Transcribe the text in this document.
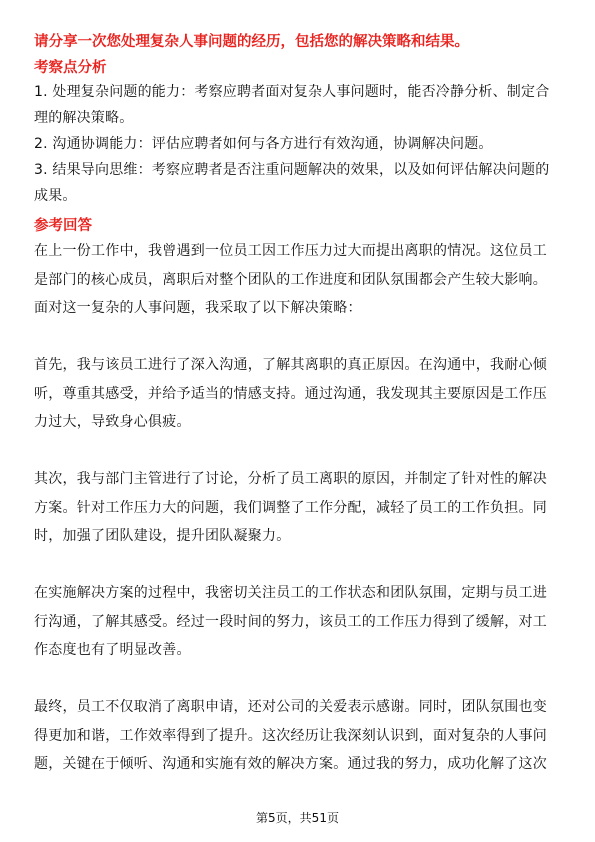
请分享一次您处理复杂人事问题的经历，包括您的解决策略和结果。

考察点分析

1. 处理复杂问题的能力：考察应聘者面对复杂人事问题时，能否冷静分析、制定合理的解决策略。

2. 沟通协调能力：评估应聘者如何与各方进行有效沟通，协调解决问题。

3. 结果导向思维：考察应聘者是否注重问题解决的效果，以及如何评估解决问题的成果。

参考回答

在上一份工作中，我曾遇到一位员工因工作压力过大而提出离职的情况。这位员工是部门的核心成员，离职后对整个团队的工作进度和团队氛围都会产生较大影响。面对这一复杂的人事问题，我采取了以下解决策略：

首先，我与该员工进行了深入沟通，了解其离职的真正原因。在沟通中，我耐心倾听，尊重其感受，并给予适当的情感支持。通过沟通，我发现其主要原因是工作压力过大，导致身心俱疲。

其次，我与部门主管进行了讨论，分析了员工离职的原因，并制定了针对性的解决方案。针对工作压力大的问题，我们调整了工作分配，减轻了员工的工作负担。同时，加强了团队建设，提升团队凝聚力。

在实施解决方案的过程中，我密切关注员工的工作状态和团队氛围，定期与员工进行沟通，了解其感受。经过一段时间的努力，该员工的工作压力得到了缓解，对工作态度也有了明显改善。

最终，员工不仅取消了离职申请，还对公司的关爱表示感谢。同时，团队氛围也变得更加和谐，工作效率得到了提升。这次经历让我深刻认识到，面对复杂的人事问题，关键在于倾听、沟通和实施有效的解决方案。通过我的努力，成功化解了这次

第5页，共51页
